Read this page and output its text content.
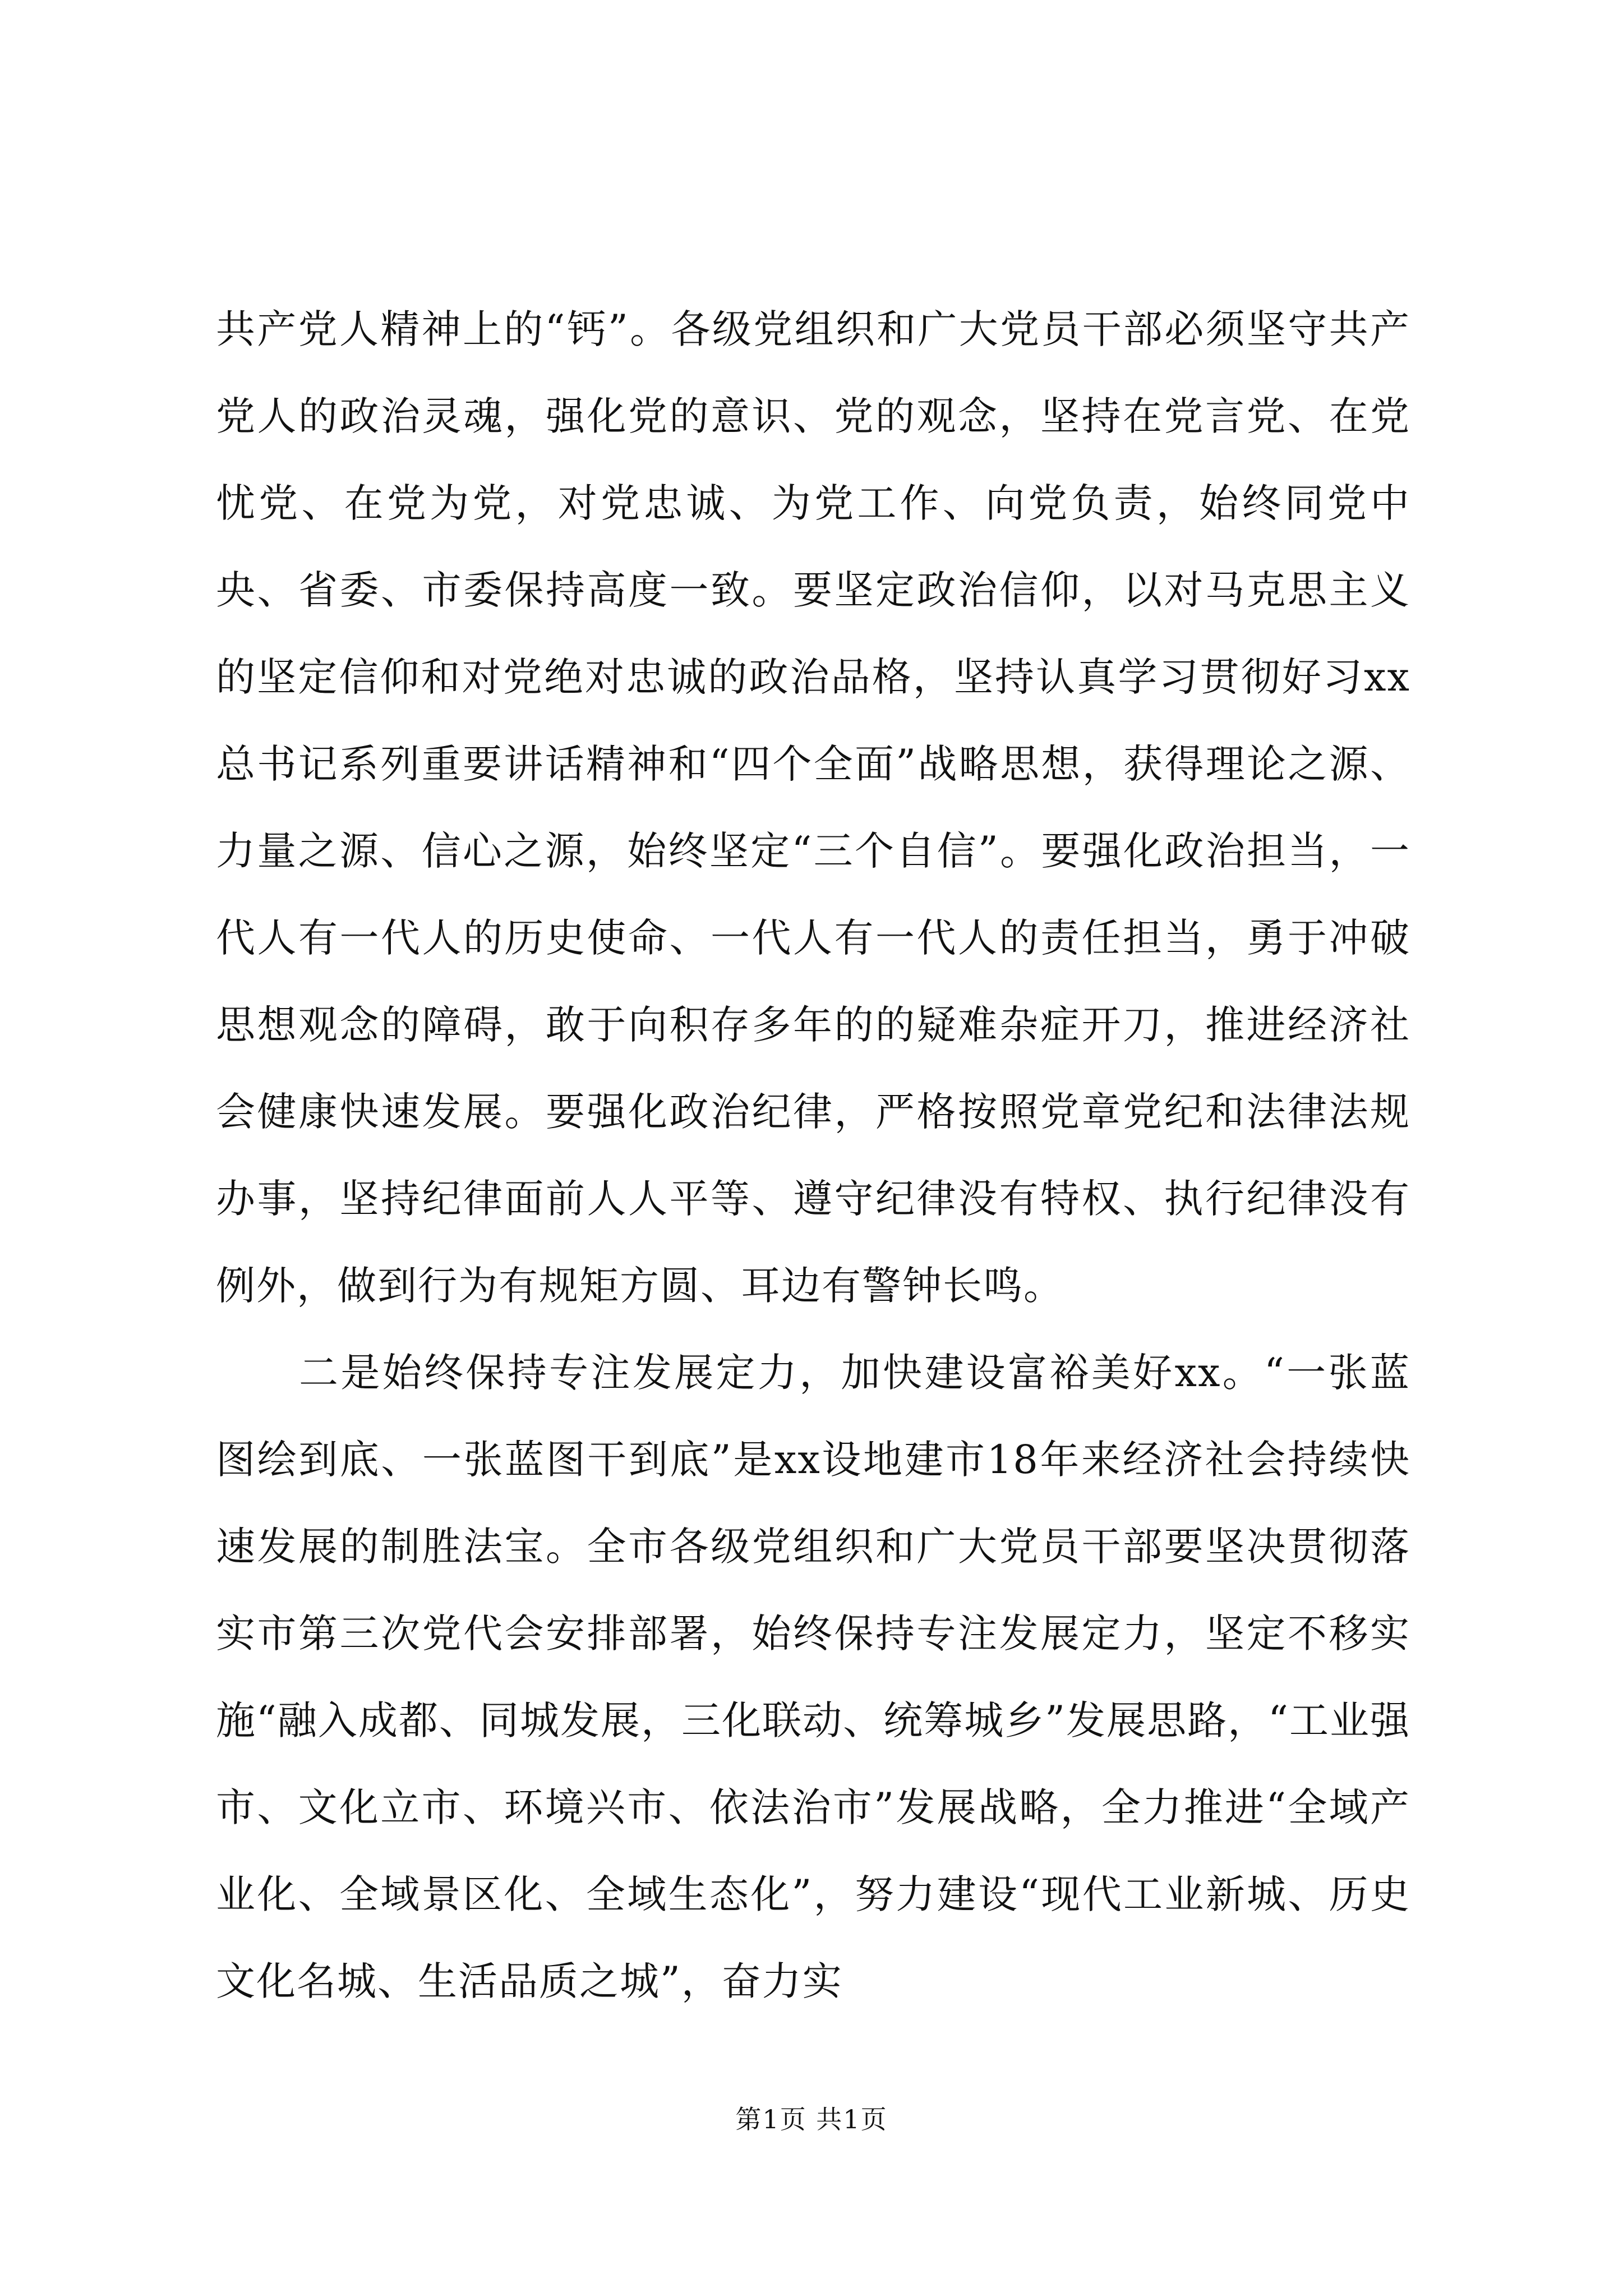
共产党人精神上的“钙”。各级党组织和广大党员干部必须坚守共产党人的政治灵魂，强化党的意识、党的观念，坚持在党言党、在党忧党、在党为党，对党忠诚、为党工作、向党负责，始终同党中央、省委、市委保持高度一致。要坚定政治信仰，以对马克思主义的坚定信仰和对党绝对忠诚的政治品格，坚持认真学习贯彻好习xx总书记系列重要讲话精神和“四个全面”战略思想，获得理论之源、力量之源、信心之源，始终坚定“三个自信”。要强化政治担当，一代人有一代人的历史使命、一代人有一代人的责任担当，勇于冲破思想观念的障碍，敢于向积存多年的的疑难杂症开刀，推进经济社会健康快速发展。要强化政治纪律，严格按照党章党纪和法律法规办事，坚持纪律面前人人平等、遵守纪律没有特权、执行纪律没有例外，做到行为有规矩方圆、耳边有警钟长鸣。

二是始终保持专注发展定力，加快建设富裕美好xx。“一张蓝图绘到底、一张蓝图干到底”是xx设地建市18年来经济社会持续快速发展的制胜法宝。全市各级党组织和广大党员干部要坚决贯彻落实市第三次党代会安排部署，始终保持专注发展定力，坚定不移实施“融入成都、同城发展，三化联动、统筹城乡”发展思路，“工业强市、文化立市、环境兴市、依法治市”发展战略，全力推进“全域产业化、全域景区化、全域生态化”，努力建设“现代工业新城、历史文化名城、生活品质之城”，奋力实

第1页 共1页
